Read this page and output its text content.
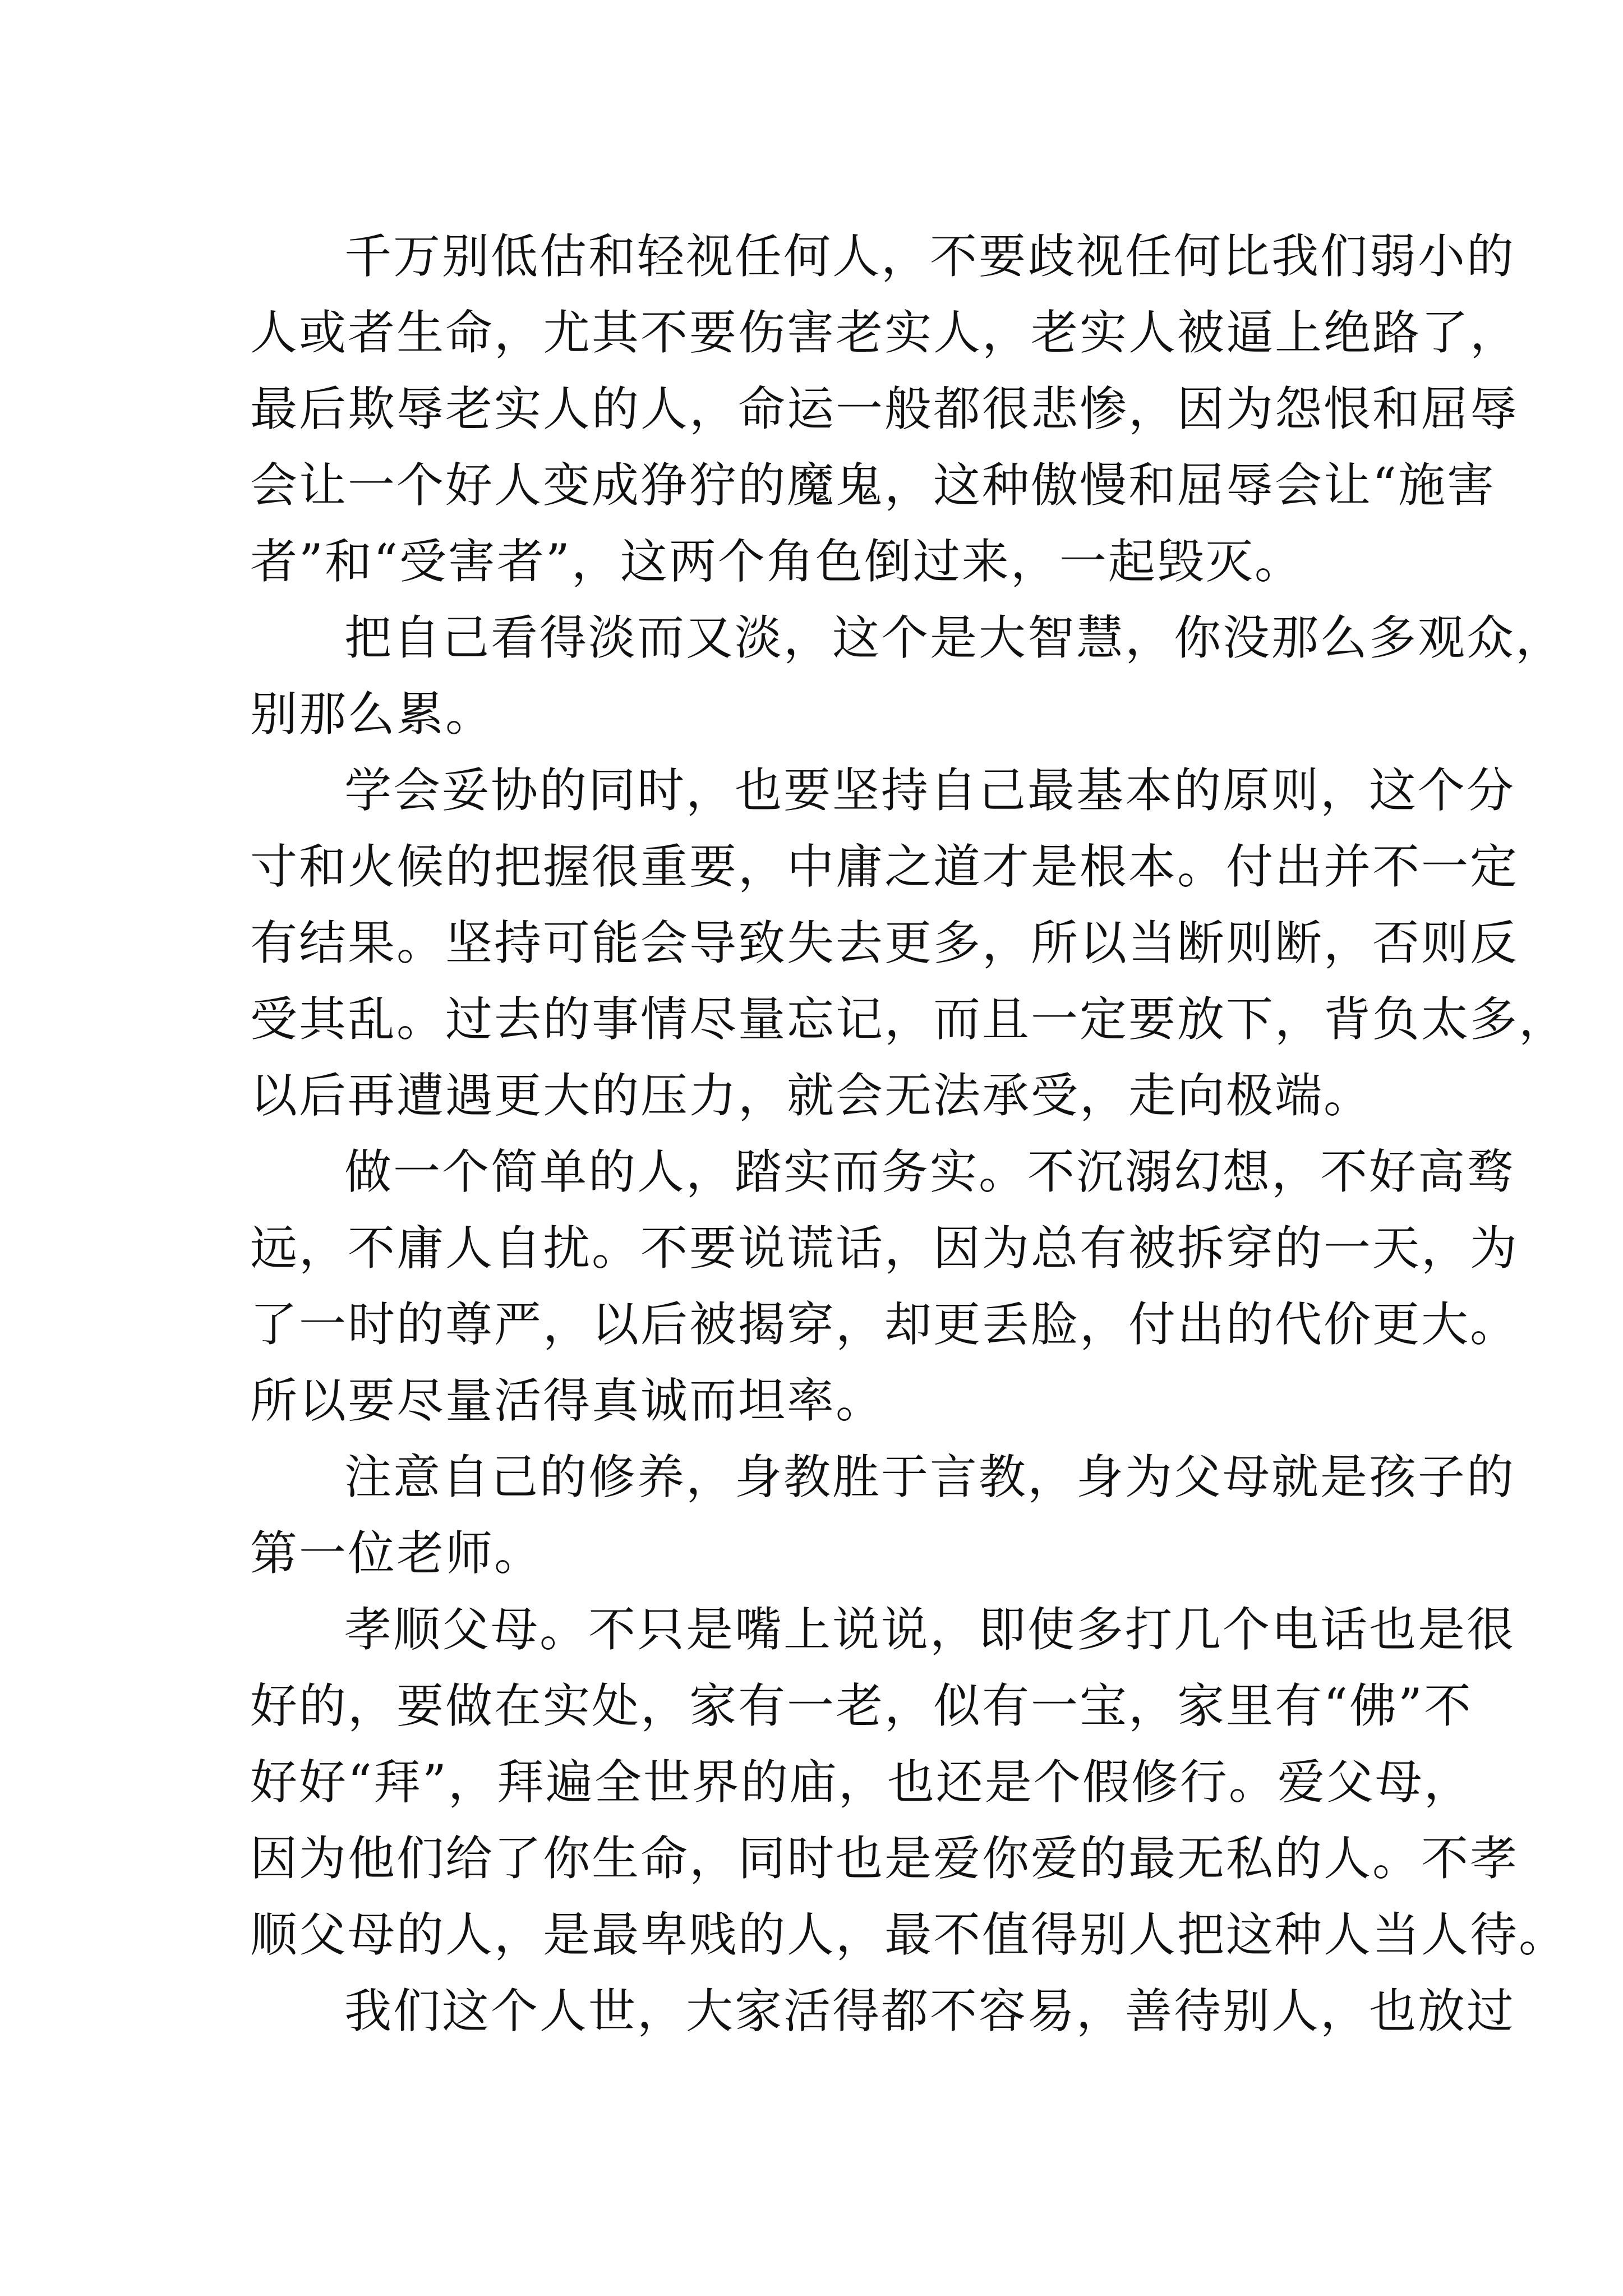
千万别低估和轻视任何人，不要歧视任何比我们弱小的
人或者生命，尤其不要伤害老实人，老实人被逼上绝路了，
最后欺辱老实人的人，命运一般都很悲惨，因为怨恨和屈辱
会让一个好人变成狰狞的魔鬼，这种傲慢和屈辱会让“施害
者”和“受害者”，这两个角色倒过来，一起毁灭。
把自己看得淡而又淡，这个是大智慧，你没那么多观众，
别那么累。
学会妥协的同时，也要坚持自己最基本的原则，这个分
寸和火候的把握很重要，中庸之道才是根本。付出并不一定
有结果。坚持可能会导致失去更多，所以当断则断，否则反
受其乱。过去的事情尽量忘记，而且一定要放下，背负太多，
以后再遭遇更大的压力，就会无法承受，走向极端。
做一个简单的人，踏实而务实。不沉溺幻想，不好高骛
远，不庸人自扰。不要说谎话，因为总有被拆穿的一天，为
了一时的尊严，以后被揭穿，却更丢脸，付出的代价更大。
所以要尽量活得真诚而坦率。
注意自己的修养，身教胜于言教，身为父母就是孩子的
第一位老师。
孝顺父母。不只是嘴上说说，即使多打几个电话也是很
好的，要做在实处，家有一老，似有一宝，家里有“佛”不
好好“拜”，拜遍全世界的庙，也还是个假修行。爱父母，
因为他们给了你生命，同时也是爱你爱的最无私的人。不孝
顺父母的人，是最卑贱的人，最不值得别人把这种人当人待。
我们这个人世，大家活得都不容易，善待别人，也放过
